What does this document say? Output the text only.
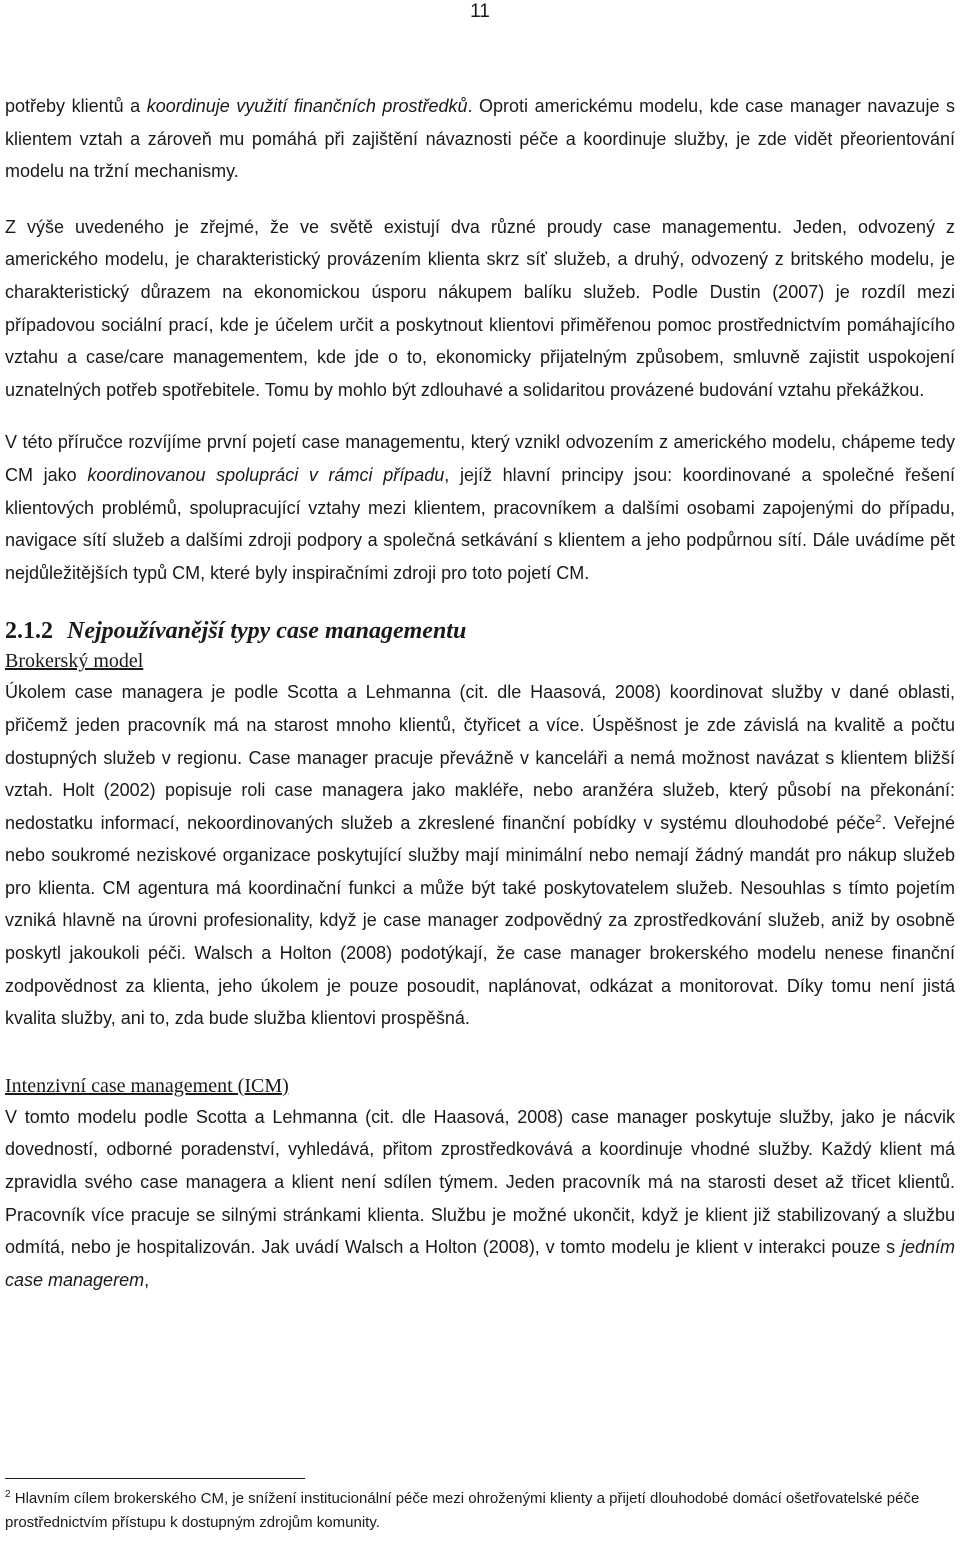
11

potřeby klientů a koordinuje využití finančních prostředků. Oproti americkému modelu, kde case manager navazuje s klientem vztah a zároveň mu pomáhá při zajištění návaznosti péče a koordinuje služby, je zde vidět přeorientování modelu na tržní mechanismy.

Z výše uvedeného je zřejmé, že ve světě existují dva různé proudy case managementu. Jeden, odvozený z amerického modelu, je charakteristický provázením klienta skrz síť služeb, a druhý, odvozený z britského modelu, je charakteristický důrazem na ekonomickou úsporu nákupem balíku služeb. Podle Dustin (2007) je rozdíl mezi případovou sociální prací, kde je účelem určit a poskytnout klientovi přiměřenou pomoc prostřednictvím pomáhajícího vztahu a case/care managementem, kde jde o to, ekonomicky přijatelným způsobem, smluvně zajistit uspokojení uznatelných potřeb spotřebitele. Tomu by mohlo být zdlouhavé a solidaritou provázené budování vztahu překážkou.

V této příručce rozvíjíme první pojetí case managementu, který vznikl odvozením z amerického modelu, chápeme tedy CM jako koordinovanou spolupráci v rámci případu, jejíž hlavní principy jsou: koordinované a společné řešení klientových problémů, spolupracující vztahy mezi klientem, pracovníkem a dalšími osobami zapojenými do případu, navigace sítí služeb a dalšími zdroji podpory a společná setkávání s klientem a jeho podpůrnou sítí. Dále uvádíme pět nejdůležitějších typů CM, které byly inspiračními zdroji pro toto pojetí CM.

2.1.2 Nejpoužívanější typy case managementu
Brokerský model

Úkolem case managera je podle Scotta a Lehmanna (cit. dle Haasová, 2008) koordinovat služby v dané oblasti, přičemž jeden pracovník má na starost mnoho klientů, čtyřicet a více. Úspěšnost je zde závislá na kvalitě a počtu dostupných služeb v regionu. Case manager pracuje převážně v kanceláři a nemá možnost navázat s klientem bližší vztah. Holt (2002) popisuje roli case managera jako makléře, nebo aranžéra služeb, který působí na překonání: nedostatku informací, nekoordinovaných služeb a zkreslené finanční pobídky v systému dlouhodobé péče$^2$. Veřejné nebo soukromé neziskové organizace poskytující služby mají minimální nebo nemají žádný mandát pro nákup služeb pro klienta. CM agentura má koordinační funkci a může být také poskytovatelem služeb. Nesouhlas s tímto pojetím vzniká hlavně na úrovni profesionality, když je case manager zodpovědný za zprostředkování služeb, aniž by osobně poskytl jakoukoli péči. Walsch a Holton (2008) podotýkají, že case manager brokerského modelu nenese finanční zodpovědnost za klienta, jeho úkolem je pouze posoudit, naplánovat, odkázat a monitorovat. Díky tomu není jistá kvalita služby, ani to, zda bude služba klientovi prospěšná.

Intenzivní case management (ICM)

V tomto modelu podle Scotta a Lehmanna (cit. dle Haasová, 2008) case manager poskytuje služby, jako je nácvik dovedností, odborné poradenství, vyhledává, přitom zprostředkovává a koordinuje vhodné služby. Každý klient má zpravidla svého case managera a klient není sdílen týmem. Jeden pracovník má na starosti deset až třicet klientů. Pracovník více pracuje se silnými stránkami klienta. Službu je možné ukončit, když je klient již stabilizovaný a službu odmítá, nebo je hospitalizován. Jak uvádí Walsch a Holton (2008), v tomto modelu je klient v interakci pouze s jedním case managerem,

$^2$ Hlavním cílem brokerského CM, je snížení institucionální péče mezi ohroženými klienty a přijetí dlouhodobé domácí ošetřovatelské péče prostřednictvím přístupu k dostupným zdrojům komunity.
